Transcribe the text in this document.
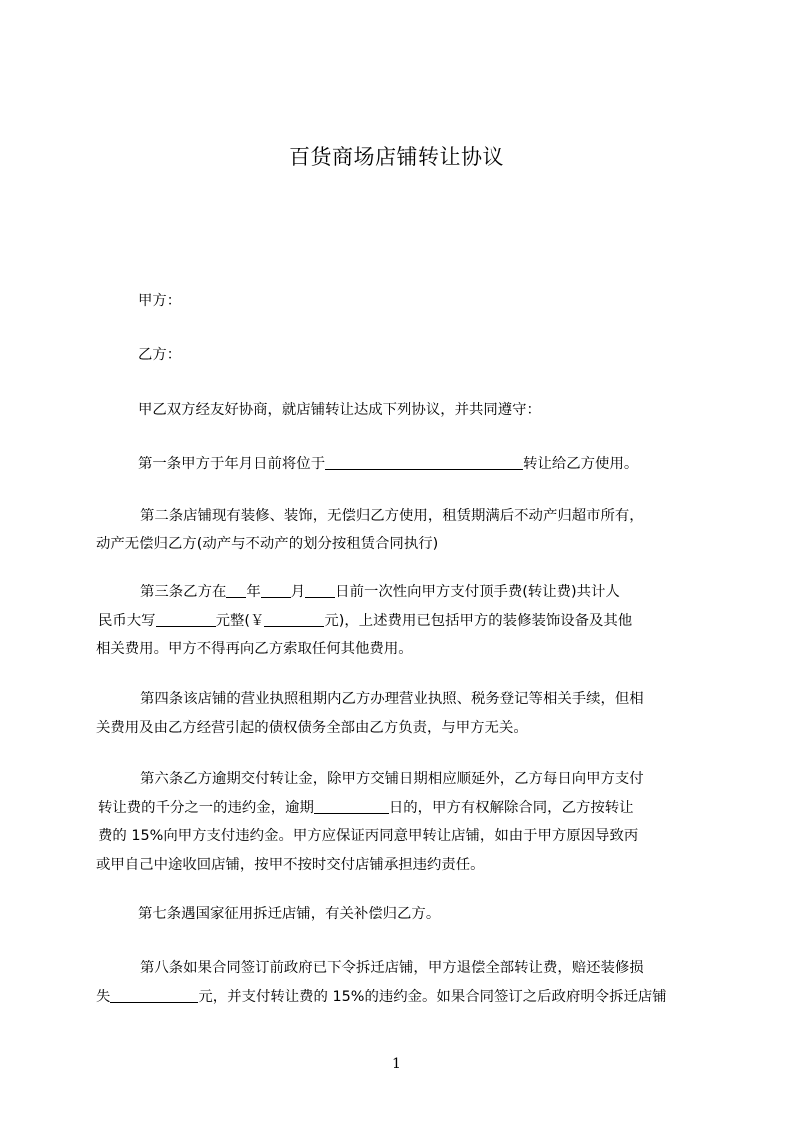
百货商场店铺转让协议
甲方：
乙方：
甲乙双方经友好协商，就店铺转让达成下列协议，并共同遵守：
第一条甲方于年月日前将位于	转让给乙方使用。
第二条店铺现有装修、装饰，无偿归乙方使用，租赁期满后不动产归超市所有，
动产无偿归乙方(动产与不动产的划分按租赁合同执行)
第三条乙方在 年 月 日前一次性向甲方支付顶手费(转让费)共计人
民币大写	元整(￥	元)，上述费用已包括甲方的装修装饰设备及其他
相关费用。甲方不得再向乙方索取任何其他费用。
第四条该店铺的营业执照租期内乙方办理营业执照、税务登记等相关手续，但相
关费用及由乙方经营引起的债权债务全部由乙方负责，与甲方无关。
第六条乙方逾期交付转让金，除甲方交铺日期相应顺延外，乙方每日向甲方支付
转让费的千分之一的违约金，逾期	日的，甲方有权解除合同，乙方按转让
费的 15%向甲方支付违约金。甲方应保证丙同意甲转让店铺，如由于甲方原因导致丙
或甲自己中途收回店铺，按甲不按时交付店铺承担违约责任。
第七条遇国家征用拆迁店铺，有关补偿归乙方。
第八条如果合同签订前政府已下令拆迁店铺，甲方退偿全部转让费，赔还装修损
失	元，并支付转让费的 15%的违约金。如果合同签订之后政府明令拆迁店铺
1
